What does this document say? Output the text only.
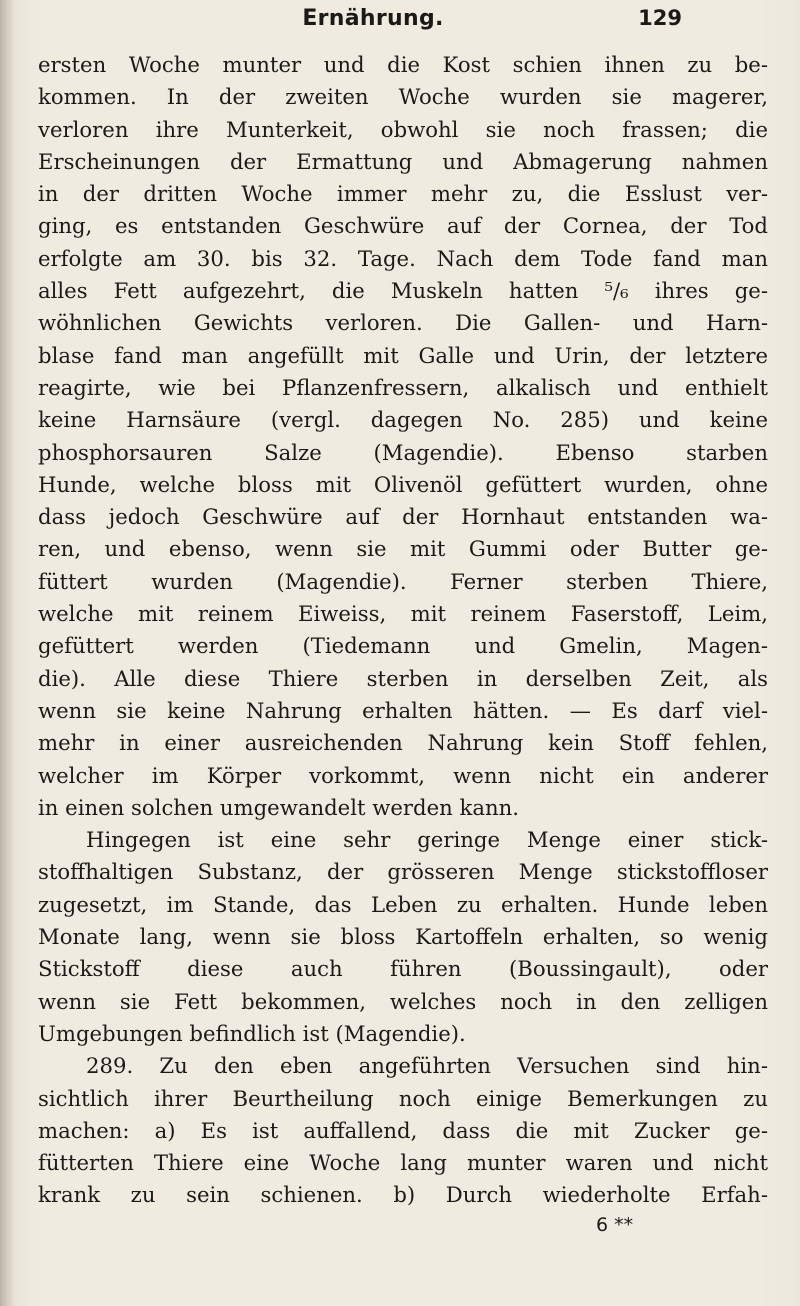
Ernährung.	129
ersten Woche munter und die Kost schien ihnen zu be-
kommen. In der zweiten Woche wurden sie magerer,
verloren ihre Munterkeit, obwohl sie noch frassen; die
Erscheinungen der Ermattung und Abmagerung nahmen
in der dritten Woche immer mehr zu, die Esslust ver-
ging, es entstanden Geschwüre auf der Cornea, der Tod
erfolgte am 30. bis 32. Tage. Nach dem Tode fand man
alles Fett aufgezehrt, die Muskeln hatten ⁵/₆ ihres ge-
wöhnlichen Gewichts verloren. Die Gallen- und Harn-
blase fand man angefüllt mit Galle und Urin, der letztere
reagirte, wie bei Pflanzenfressern, alkalisch und enthielt
keine Harnsäure (vergl. dagegen No. 285) und keine
phosphorsauren Salze (Magendie). Ebenso starben
Hunde, welche bloss mit Olivenöl gefüttert wurden, ohne
dass jedoch Geschwüre auf der Hornhaut entstanden wa-
ren, und ebenso, wenn sie mit Gummi oder Butter ge-
füttert wurden (Magendie). Ferner sterben Thiere,
welche mit reinem Eiweiss, mit reinem Faserstoff, Leim,
gefüttert werden (Tiedemann und Gmelin, Magen-
die). Alle diese Thiere sterben in derselben Zeit, als
wenn sie keine Nahrung erhalten hätten. — Es darf viel-
mehr in einer ausreichenden Nahrung kein Stoff fehlen,
welcher im Körper vorkommt, wenn nicht ein anderer
in einen solchen umgewandelt werden kann.
Hingegen ist eine sehr geringe Menge einer stick-
stoffhaltigen Substanz, der grösseren Menge stickstoffloser
zugesetzt, im Stande, das Leben zu erhalten. Hunde leben
Monate lang, wenn sie bloss Kartoffeln erhalten, so wenig
Stickstoff diese auch führen (Boussingault), oder
wenn sie Fett bekommen, welches noch in den zelligen
Umgebungen befindlich ist (Magendie).
289. Zu den eben angeführten Versuchen sind hin-
sichtlich ihrer Beurtheilung noch einige Bemerkungen zu
machen: a) Es ist auffallend, dass die mit Zucker ge-
fütterten Thiere eine Woche lang munter waren und nicht
krank zu sein schienen. b) Durch wiederholte Erfah-
6 **
